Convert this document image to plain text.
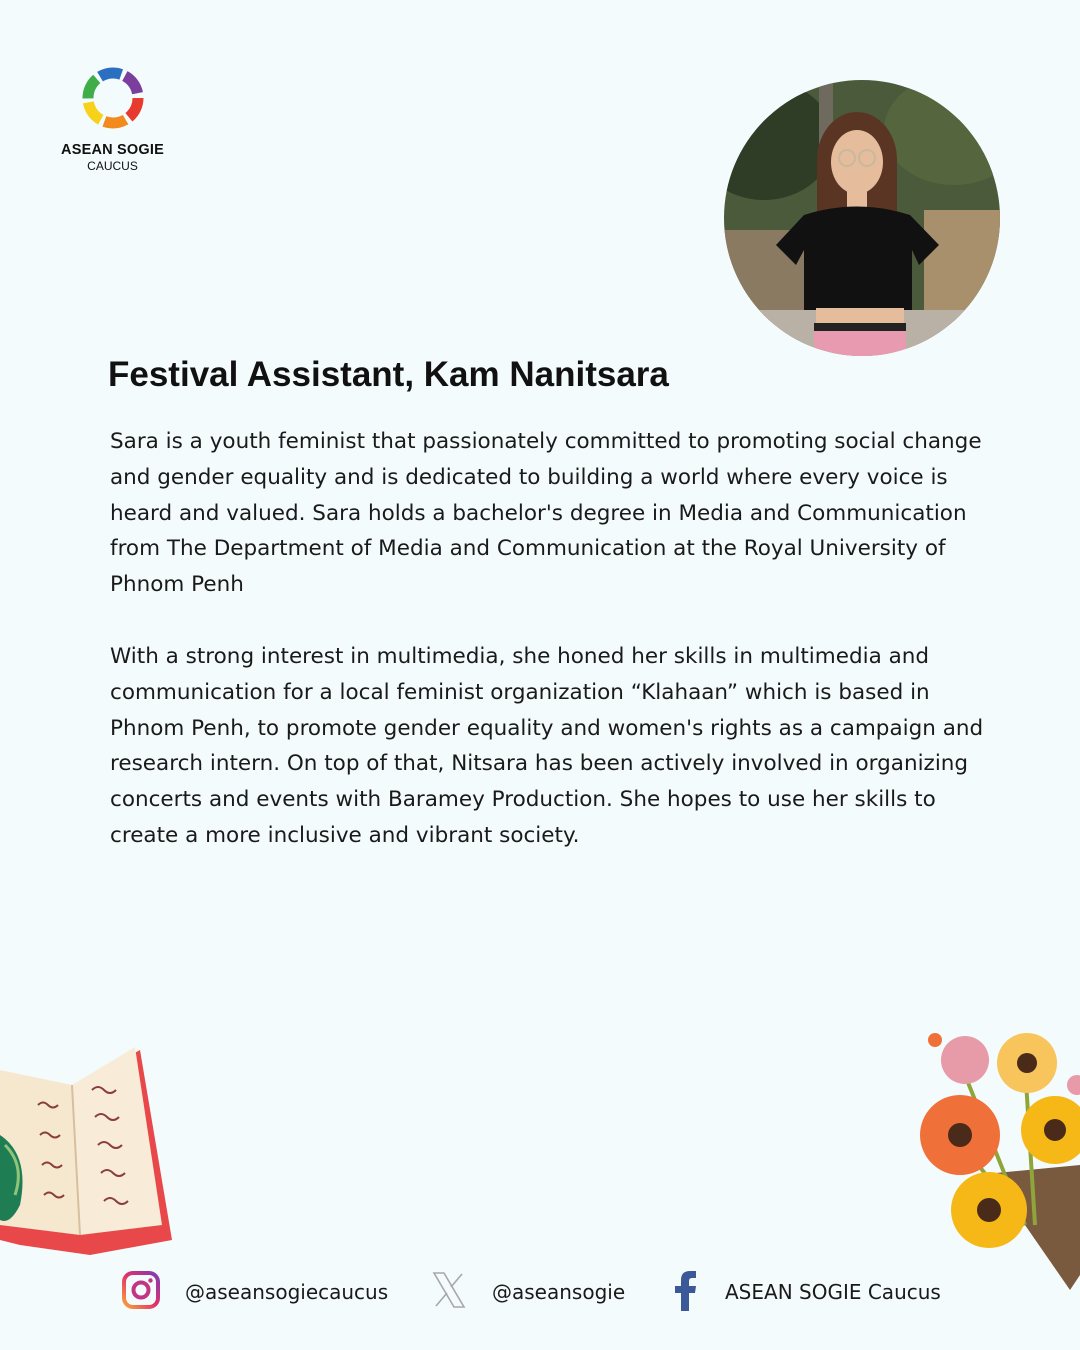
ASEAN SOGIE
CAUCUS
Festival Assistant, Kam Nanitsara

Sara is a youth feminist that passionately committed to promoting social change and gender equality and is dedicated to building a world where every voice is heard and valued. Sara holds a bachelor's degree in Media and Communication from The Department of Media and Communication at the Royal University of Phnom Penh

With a strong interest in multimedia, she honed her skills in multimedia and communication for a local feminist organization “Klahaan” which is based in Phnom Penh, to promote gender equality and women's rights as a campaign and research intern. On top of that, Nitsara has been actively involved in organizing concerts and events with Baramey Production. She hopes to use her skills to create a more inclusive and vibrant society.

@aseansogiecaucus	@aseansogie	ASEAN SOGIE Caucus
